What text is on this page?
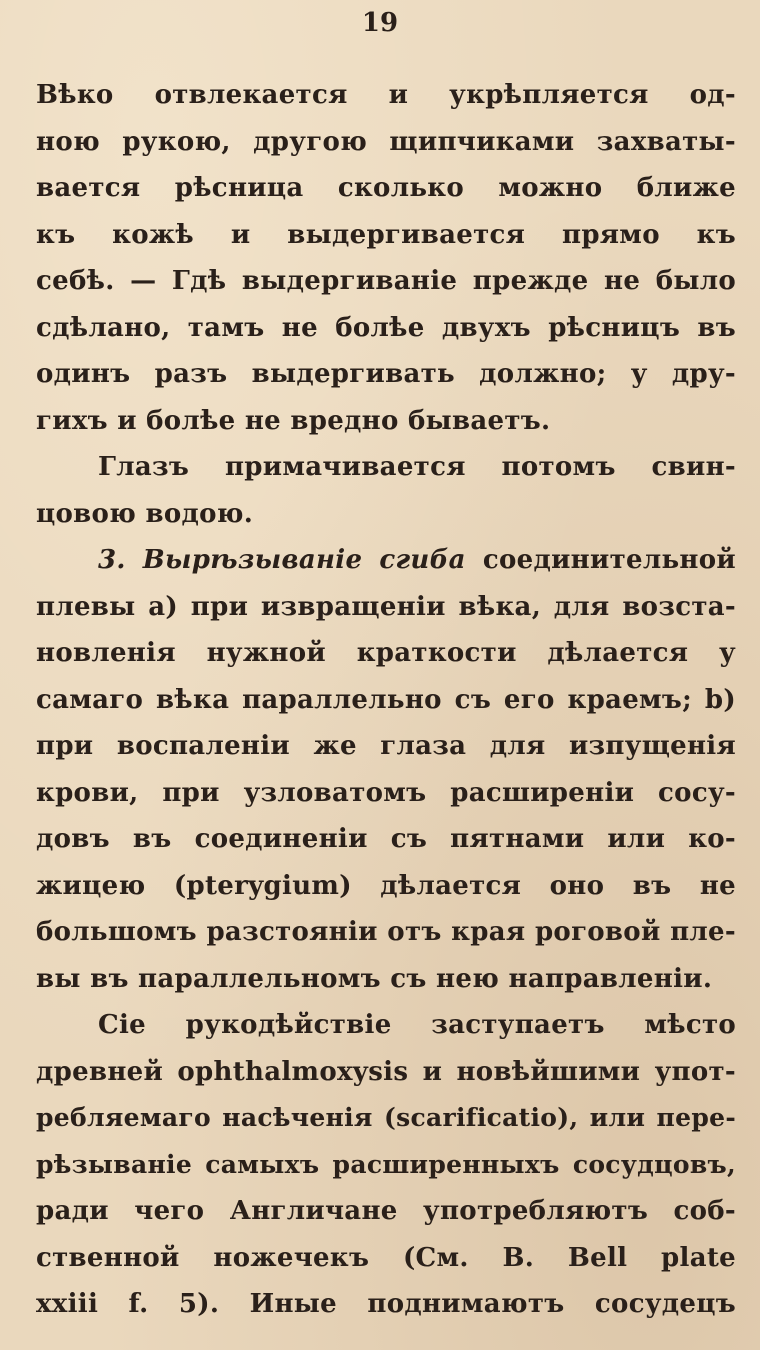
19
Вѣко отвлекается и укрѣпляется од-
ною рукою, другою щипчиками захваты-
вается рѣсница сколько можно ближе
къ кожѣ и выдергивается прямо къ
себѣ. — Гдѣ выдергиваніе прежде не было
сдѣлано, тамъ не болѣе двухъ рѣсницъ въ
одинъ разъ выдергивать должно; у дру-
гихъ и болѣе не вредно бываетъ.
Глазъ примачивается потомъ свин-
цовою водою.
3. Вырѣзываніе сгиба соединительной
плевы а) при извращеніи вѣка, для возста-
новленія нужной краткости дѣлается у
самаго вѣка параллельно съ его краемъ; b)
при воспаленіи же глаза для изпущенія
крови, при узловатомъ расширеніи сосу-
довъ въ соединеніи съ пятнами или ко-
жицею (pterygium) дѣлается оно въ не
большомъ разстояніи отъ края роговой пле-
вы въ параллельномъ съ нею направленіи.
Сіе рукодѣйствіе заступаетъ мѣсто
древней ophthalmoxysis и новѣйшими упот-
ребляемаго насѣченія (scarificatio), или пере-
рѣзываніе самыхъ расширенныхъ сосудцовъ,
ради чего Англичане употребляютъ соб-
ственной ножечекъ (См. B. Bell plate
xxiii f. 5). Иные поднимаютъ сосудецъ
